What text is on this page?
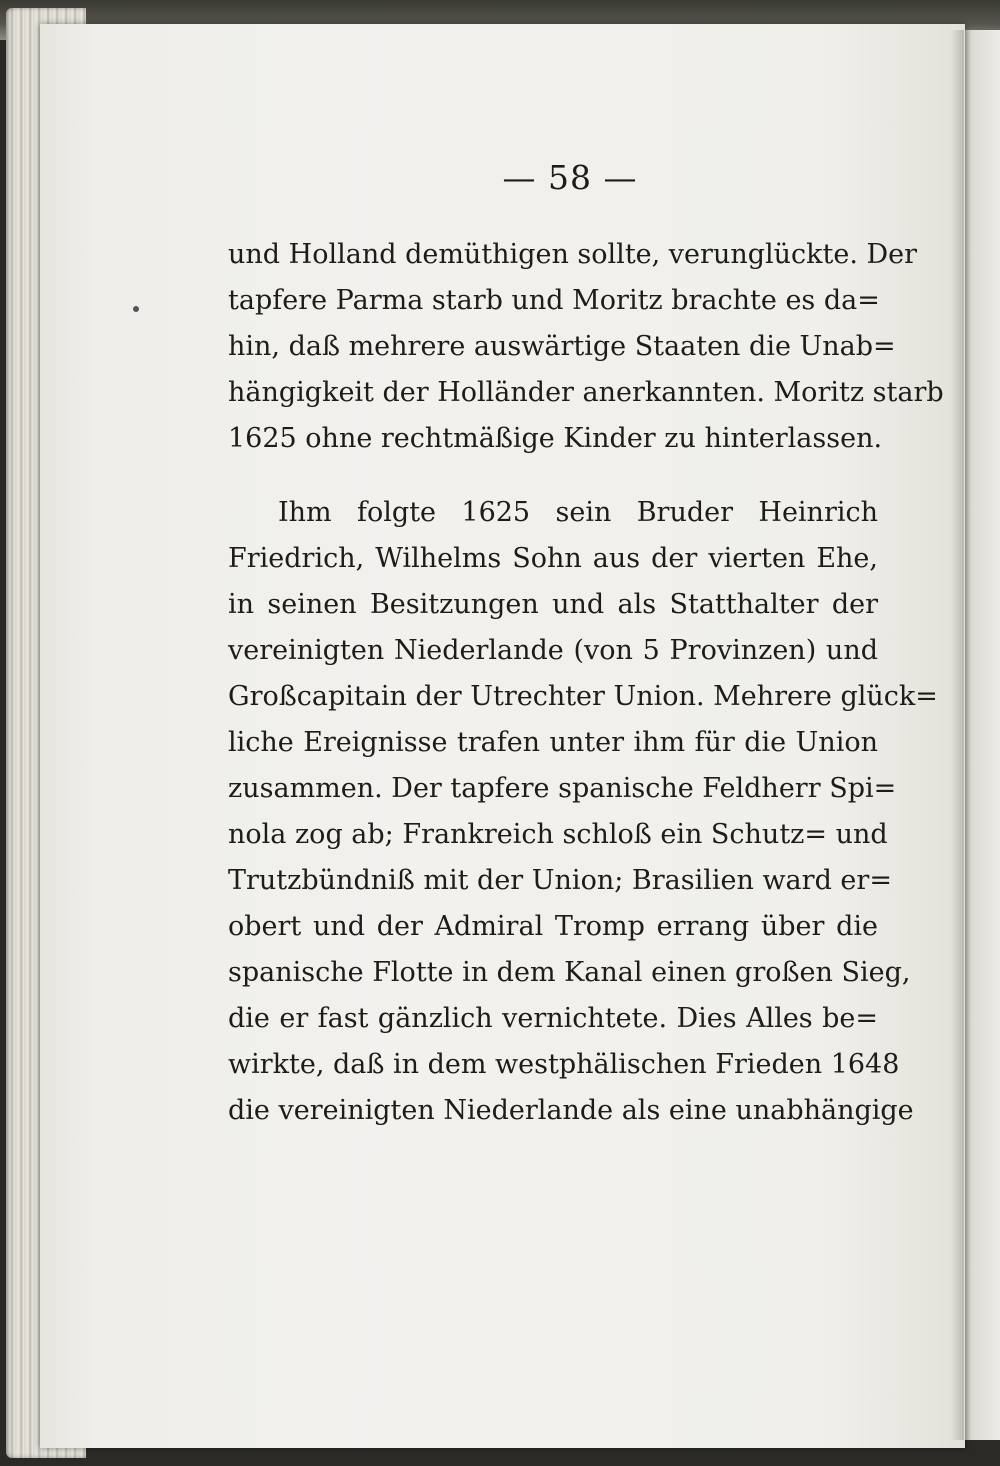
— 58 —
und Holland demüthigen sollte, verunglückte. Der
tapfere Parma starb und Moritz brachte es da=
hin, daß mehrere auswärtige Staaten die Unab=
hängigkeit der Holländer anerkannten. Moritz starb
1625 ohne rechtmäßige Kinder zu hinterlassen.
Ihm folgte 1625 sein Bruder Heinrich
Friedrich, Wilhelms Sohn aus der vierten Ehe,
in seinen Besitzungen und als Statthalter der
vereinigten Niederlande (von 5 Provinzen) und
Großcapitain der Utrechter Union. Mehrere glück=
liche Ereignisse trafen unter ihm für die Union
zusammen. Der tapfere spanische Feldherr Spi=
nola zog ab; Frankreich schloß ein Schutz= und
Trutzbündniß mit der Union; Brasilien ward er=
obert und der Admiral Tromp errang über die
spanische Flotte in dem Kanal einen großen Sieg,
die er fast gänzlich vernichtete. Dies Alles be=
wirkte, daß in dem westphälischen Frieden 1648
die vereinigten Niederlande als eine unabhängige
